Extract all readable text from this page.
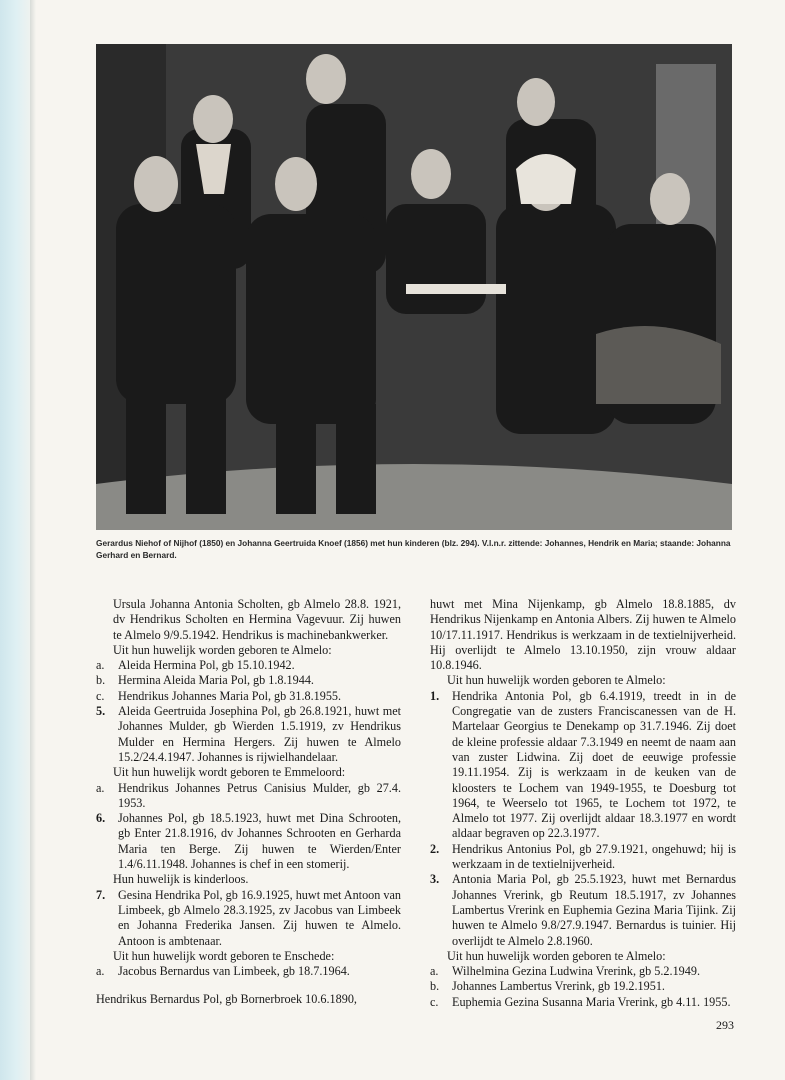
Gerardus Niehof of Nijhof (1850) en Johanna Geertruida Knoef (1856) met hun kinderen (blz. 294). V.l.n.r. zittende: Johannes, Hendrik en Maria; staande: Johanna Gerhard en Bernard.

Ursula Johanna Antonia Scholten, gb Almelo 28.8. 1921, dv Hendrikus Scholten en Hermina Vagevuur. Zij huwen te Almelo 9/9.5.1942. Hendrikus is machinebankwerker.

Uit hun huwelijk worden geboren te Almelo:

a. Aleida Hermina Pol, gb 15.10.1942.

b. Hermina Aleida Maria Pol, gb 1.8.1944.

c. Hendrikus Johannes Maria Pol, gb 31.8.1955.

5. Aleida Geertruida Josephina Pol, gb 26.8.1921, huwt met Johannes Mulder, gb Wierden 1.5.1919, zv Hendrikus Mulder en Hermina Hergers. Zij huwen te Almelo 15.2/24.4.1947. Johannes is rijwielhandelaar.

Uit hun huwelijk wordt geboren te Emmeloord:

a. Hendrikus Johannes Petrus Canisius Mulder, gb 27.4. 1953.

6. Johannes Pol, gb 18.5.1923, huwt met Dina Schrooten, gb Enter 21.8.1916, dv Johannes Schrooten en Gerharda Maria ten Berge. Zij huwen te Wierden/Enter 1.4/6.11.1948. Johannes is chef in een stomerij.

Hun huwelijk is kinderloos.

7. Gesina Hendrika Pol, gb 16.9.1925, huwt met Antoon van Limbeek, gb Almelo 28.3.1925, zv Jacobus van Limbeek en Johanna Frederika Jansen. Zij huwen te Almelo. Antoon is ambtenaar.

Uit hun huwelijk wordt geboren te Enschede:

a. Jacobus Bernardus van Limbeek, gb 18.7.1964.

Hendrikus Bernardus Pol, gb Bornerbroek 10.6.1890,

huwt met Mina Nijenkamp, gb Almelo 18.8.1885, dv Hendrikus Nijenkamp en Antonia Albers. Zij huwen te Almelo 10/17.11.1917. Hendrikus is werkzaam in de textielnijverheid. Hij overlijdt te Almelo 13.10.1950, zijn vrouw aldaar 10.8.1946.

Uit hun huwelijk worden geboren te Almelo:

1. Hendrika Antonia Pol, gb 6.4.1919, treedt in in de Congregatie van de zusters Franciscanessen van de H. Martelaar Georgius te Denekamp op 31.7.1946. Zij doet de kleine professie aldaar 7.3.1949 en neemt de naam aan van zuster Lidwina. Zij doet de eeuwige professie 19.11.1954. Zij is werkzaam in de keuken van de kloosters te Lochem van 1949-1955, te Doesburg tot 1964, te Weerselo tot 1965, te Lochem tot 1972, te Almelo tot 1977. Zij overlijdt aldaar 18.3.1977 en wordt aldaar begraven op 22.3.1977.

2. Hendrikus Antonius Pol, gb 27.9.1921, ongehuwd; hij is werkzaam in de textielnijverheid.

3. Antonia Maria Pol, gb 25.5.1923, huwt met Bernardus Johannes Vrerink, gb Reutum 18.5.1917, zv Johannes Lambertus Vrerink en Euphemia Gezina Maria Tijink. Zij huwen te Almelo 9.8/27.9.1947. Bernardus is tuinier. Hij overlijdt te Almelo 2.8.1960.

Uit hun huwelijk worden geboren te Almelo:

a. Wilhelmina Gezina Ludwina Vrerink, gb 5.2.1949.

b. Johannes Lambertus Vrerink, gb 19.2.1951.

c. Euphemia Gezina Susanna Maria Vrerink, gb 4.11. 1955.

293
